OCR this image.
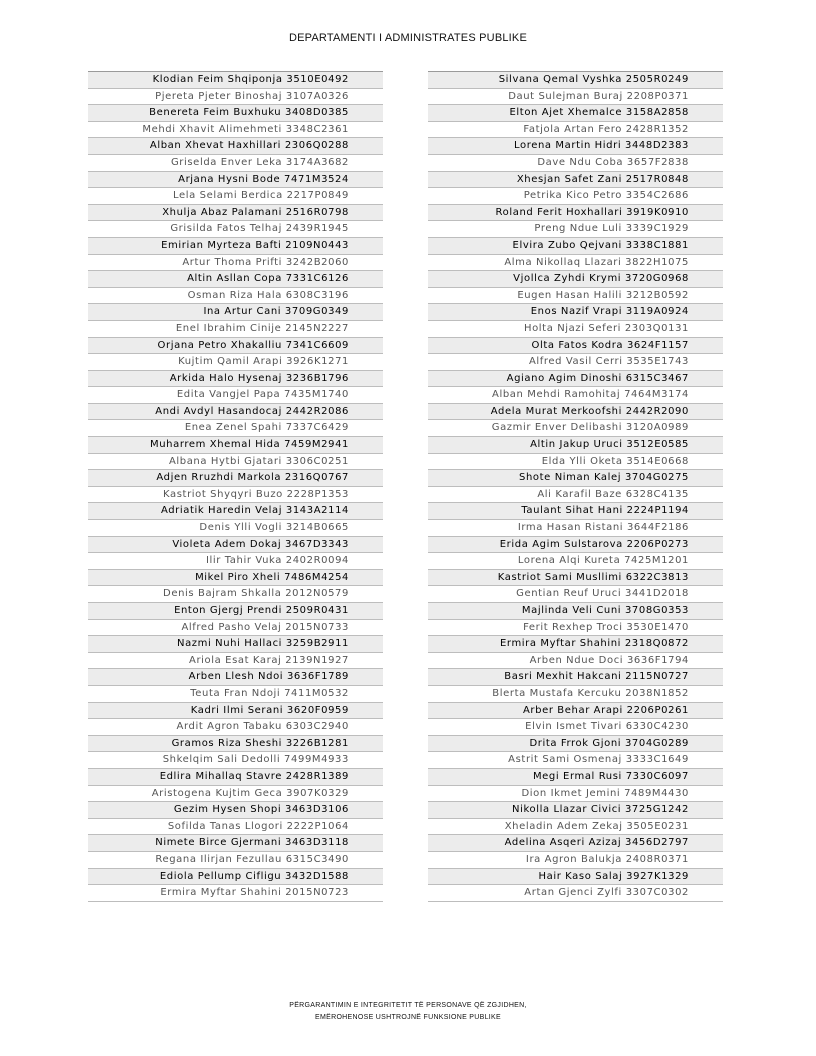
DEPARTAMENTI I ADMINISTRATES PUBLIKE
Klodian Feim Shqiponja 3510E0492
Pjereta Pjeter Binoshaj 3107A0326
Benereta Feim Buxhuku 3408D0385
Mehdi Xhavit Alimehmeti 3348C2361
Alban Xhevat Haxhillari 2306Q0288
Griselda Enver Leka 3174A3682
Arjana Hysni Bode 7471M3524
Lela Selami Berdica 2217P0849
Xhulja Abaz Palamani 2516R0798
Grisilda Fatos Telhaj 2439R1945
Emirian Myrteza Bafti 2109N0443
Artur Thoma Prifti 3242B2060
Altin Asllan Copa 7331C6126
Osman Riza Hala 6308C3196
Ina Artur Cani 3709G0349
Enel Ibrahim Cinije 2145N2227
Orjana Petro Xhakalliu 7341C6609
Kujtim Qamil Arapi 3926K1271
Arkida Halo Hysenaj 3236B1796
Edita Vangjel Papa 7435M1740
Andi Avdyl Hasandocaj 2442R2086
Enea Zenel Spahi 7337C6429
Muharrem Xhemal Hida 7459M2941
Albana Hytbi Gjatari 3306C0251
Adjen Rruzhdi Markola 2316Q0767
Kastriot Shyqyri Buzo 2228P1353
Adriatik Haredin Velaj 3143A2114
Denis Ylli Vogli 3214B0665
Violeta Adem Dokaj 3467D3343
Ilir Tahir Vuka 2402R0094
Mikel Piro Xheli 7486M4254
Denis Bajram Shkalla 2012N0579
Enton Gjergj Prendi 2509R0431
Alfred Pasho Velaj 2015N0733
Nazmi Nuhi Hallaci 3259B2911
Ariola Esat Karaj 2139N1927
Arben Llesh Ndoi 3636F1789
Teuta Fran Ndoji 7411M0532
Kadri Ilmi Serani 3620F0959
Ardit Agron Tabaku 6303C2940
Gramos Riza Sheshi 3226B1281
Shkelqim Sali Dedolli 7499M4933
Edlira Mihallaq Stavre 2428R1389
Aristogena Kujtim Geca 3907K0329
Gezim Hysen Shopi 3463D3106
Sofilda Tanas Llogori 2222P1064
Nimete Birce Gjermani 3463D3118
Regana Ilirjan Fezullau 6315C3490
Ediola Pellump Cifligu 3432D1588
Ermira Myftar Shahini 2015N0723
Silvana Qemal Vyshka 2505R0249
Daut Sulejman Buraj 2208P0371
Elton Ajet Xhemalce 3158A2858
Fatjola Artan Fero 2428R1352
Lorena Martin Hidri 3448D2383
Dave Ndu Coba 3657F2838
Xhesjan Safet Zani 2517R0848
Petrika Kico Petro 3354C2686
Roland Ferit Hoxhallari 3919K0910
Preng Ndue Luli 3339C1929
Elvira Zubo Qejvani 3338C1881
Alma Nikollaq Llazari 3822H1075
Vjollca Zyhdi Krymi 3720G0968
Eugen Hasan Halili 3212B0592
Enos Nazif Vrapi 3119A0924
Holta Njazi Seferi 2303Q0131
Olta Fatos Kodra 3624F1157
Alfred Vasil Cerri 3535E1743
Agiano Agim Dinoshi 6315C3467
Alban Mehdi Ramohitaj 7464M3174
Adela Murat Merkoofshi 2442R2090
Gazmir Enver Delibashi 3120A0989
Altin Jakup Uruci 3512E0585
Elda Ylli Oketa 3514E0668
Shote Niman Kalej 3704G0275
Ali Karafil Baze 6328C4135
Taulant Sihat Hani 2224P1194
Irma Hasan Ristani 3644F2186
Erida Agim Sulstarova 2206P0273
Lorena Alqi Kureta 7425M1201
Kastriot Sami Musllimi 6322C3813
Gentian Reuf Uruci 3441D2018
Majlinda Veli Cuni 3708G0353
Ferit Rexhep Troci 3530E1470
Ermira Myftar Shahini 2318Q0872
Arben Ndue Doci 3636F1794
Basri Mexhit Hakcani 2115N0727
Blerta Mustafa Kercuku 2038N1852
Arber Behar Arapi 2206P0261
Elvin Ismet Tivari 6330C4230
Drita Frrok Gjoni 3704G0289
Astrit Sami Osmenaj 3333C1649
Megi Ermal Rusi 7330C6097
Dion Ikmet Jemini 7489M4430
Nikolla Llazar Civici 3725G1242
Xheladin Adem Zekaj 3505E0231
Adelina Asqeri Azizaj 3456D2797
Ira Agron Balukja 2408R0371
Hair Kaso Salaj 3927K1329
Artan Gjenci Zylfi 3307C0302
PËRGARANTIMIN E INTEGRITETIT TË PERSONAVE QË ZGJIDHEN,
EMËROHENOSE USHTROJNË FUNKSIONE PUBLIKE
